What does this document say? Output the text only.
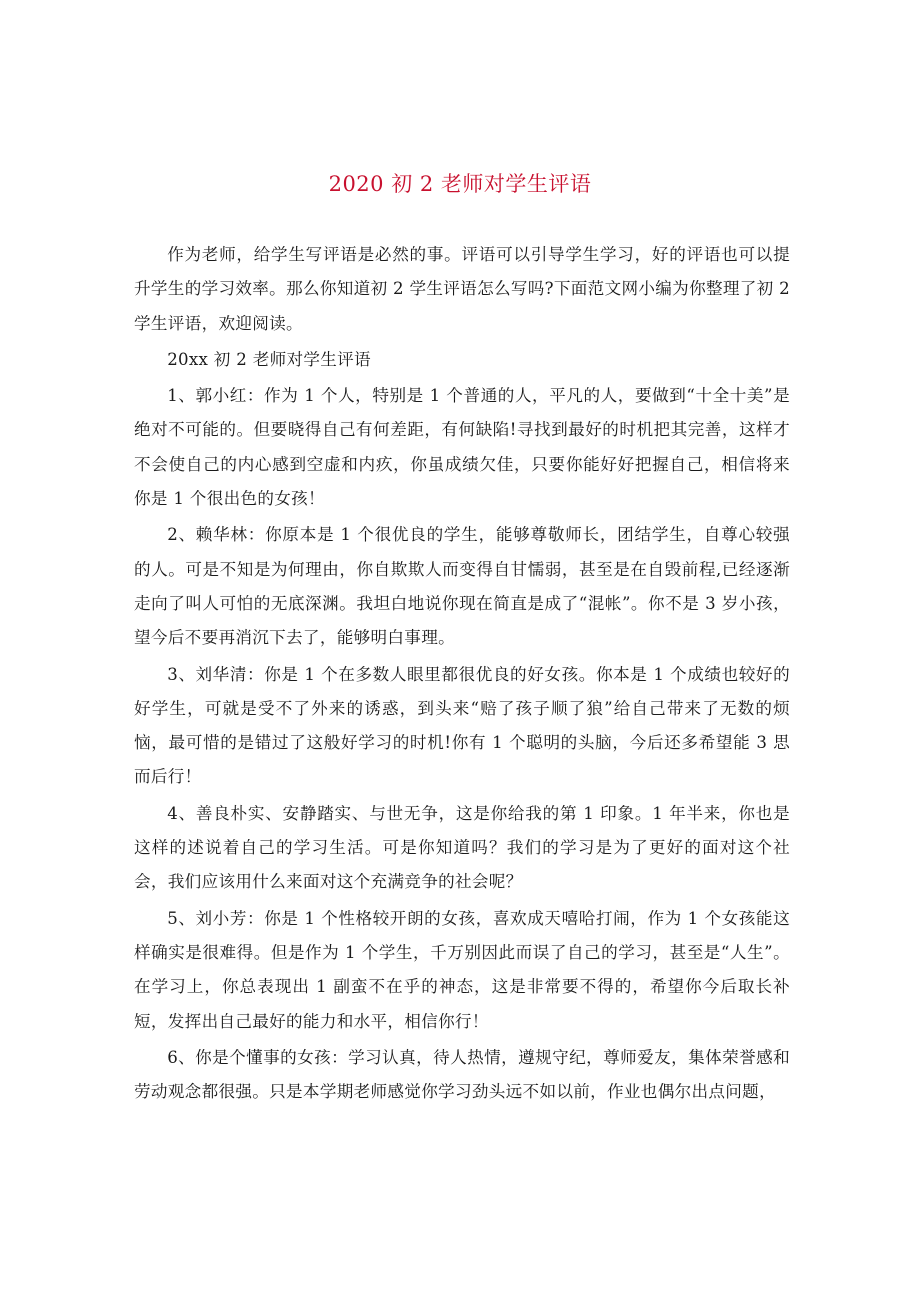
2020 初 2 老师对学生评语

作为老师，给学生写评语是必然的事。评语可以引导学生学习，好的评语也可以提升学生的学习效率。那么你知道初 2 学生评语怎么写吗?下面范文网小编为你整理了初 2 学生评语，欢迎阅读。

20xx 初 2 老师对学生评语

1、郭小红：作为 1 个人，特别是 1 个普通的人，平凡的人，要做到“十全十美”是绝对不可能的。但要晓得自己有何差距，有何缺陷!寻找到最好的时机把其完善，这样才不会使自己的内心感到空虚和内疚，你虽成绩欠佳，只要你能好好把握自己，相信将来你是 1 个很出色的女孩！

2、赖华林：你原本是 1 个很优良的学生，能够尊敬师长，团结学生，自尊心较强的人。可是不知是为何理由，你自欺欺人而变得自甘懦弱，甚至是在自毁前程,已经逐渐走向了叫人可怕的无底深渊。我坦白地说你现在简直是成了“混帐”。你不是 3 岁小孩，望今后不要再消沉下去了，能够明白事理。

3、刘华清：你是 1 个在多数人眼里都很优良的好女孩。你本是 1 个成绩也较好的好学生，可就是受不了外来的诱惑，到头来“赔了孩子顺了狼”给自己带来了无数的烦恼，最可惜的是错过了这般好学习的时机!你有 1 个聪明的头脑，今后还多希望能 3 思而后行！

4、善良朴实、安静踏实、与世无争，这是你给我的第 1 印象。1 年半来，你也是这样的述说着自己的学习生活。可是你知道吗？我们的学习是为了更好的面对这个社会，我们应该用什么来面对这个充满竞争的社会呢？

5、刘小芳：你是 1 个性格较开朗的女孩，喜欢成天嘻哈打闹，作为 1 个女孩能这样确实是很难得。但是作为 1 个学生，千万别因此而误了自己的学习，甚至是“人生”。在学习上，你总表现出 1 副蛮不在乎的神态，这是非常要不得的，希望你今后取长补短，发挥出自己最好的能力和水平，相信你行！

6、你是个懂事的女孩：学习认真，待人热情，遵规守纪，尊师爱友，集体荣誉感和劳动观念都很强。只是本学期老师感觉你学习劲头远不如以前，作业也偶尔出点问题，
